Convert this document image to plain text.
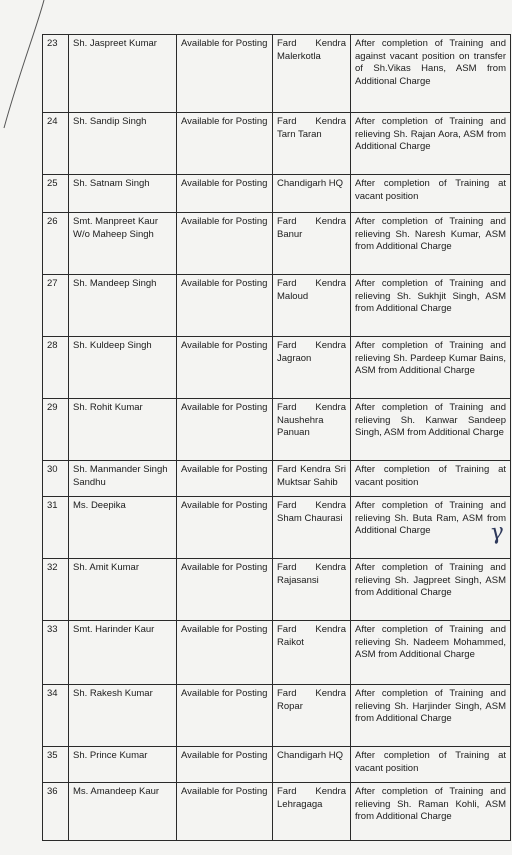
23	Sh. Jaspreet Kumar	Available for Posting	Fard Kendra Malerkotla	After completion of Training and against vacant position on transfer of Sh.Vikas Hans, ASM from Additional Charge
24	Sh. Sandip Singh	Available for Posting	Fard Kendra Tarn Taran	After completion of Training and relieving Sh. Rajan Aora, ASM from Additional Charge
25	Sh. Satnam Singh	Available for Posting	Chandigarh HQ	After completion of Training at vacant position
26	Smt. Manpreet Kaur W/o Maheep Singh	Available for Posting	Fard Kendra Banur	After completion of Training and relieving Sh. Naresh Kumar, ASM from Additional Charge
27	Sh. Mandeep Singh	Available for Posting	Fard Kendra Maloud	After completion of Training and relieving Sh. Sukhjit Singh, ASM from Additional Charge
28	Sh. Kuldeep Singh	Available for Posting	Fard Kendra Jagraon	After completion of Training and relieving Sh. Pardeep Kumar Bains, ASM from Additional Charge
29	Sh. Rohit Kumar	Available for Posting	Fard Kendra Naushehra Panuan	After completion of Training and relieving Sh. Kanwar Sandeep Singh, ASM from Additional Charge
30	Sh. Manmander Singh Sandhu	Available for Posting	Fard Kendra Sri Muktsar Sahib	After completion of Training at vacant position
31	Ms. Deepika	Available for Posting	Fard Kendra Sham Chaurasi	After completion of Training and relieving Sh. Buta Ram, ASM from Additional Charge
32	Sh. Amit Kumar	Available for Posting	Fard Kendra Rajasansi	After completion of Training and relieving Sh. Jagpreet Singh, ASM from Additional Charge
33	Smt. Harinder Kaur	Available for Posting	Fard Kendra Raikot	After completion of Training and relieving Sh. Nadeem Mohammed, ASM from Additional Charge
34	Sh. Rakesh Kumar	Available for Posting	Fard Kendra Ropar	After completion of Training and relieving Sh. Harjinder Singh, ASM from Additional Charge
35	Sh. Prince Kumar	Available for Posting	Chandigarh HQ	After completion of Training at vacant position
36	Ms. Amandeep Kaur	Available for Posting	Fard Kendra Lehragaga	After completion of Training and relieving Sh. Raman Kohli, ASM from Additional Charge
γ
